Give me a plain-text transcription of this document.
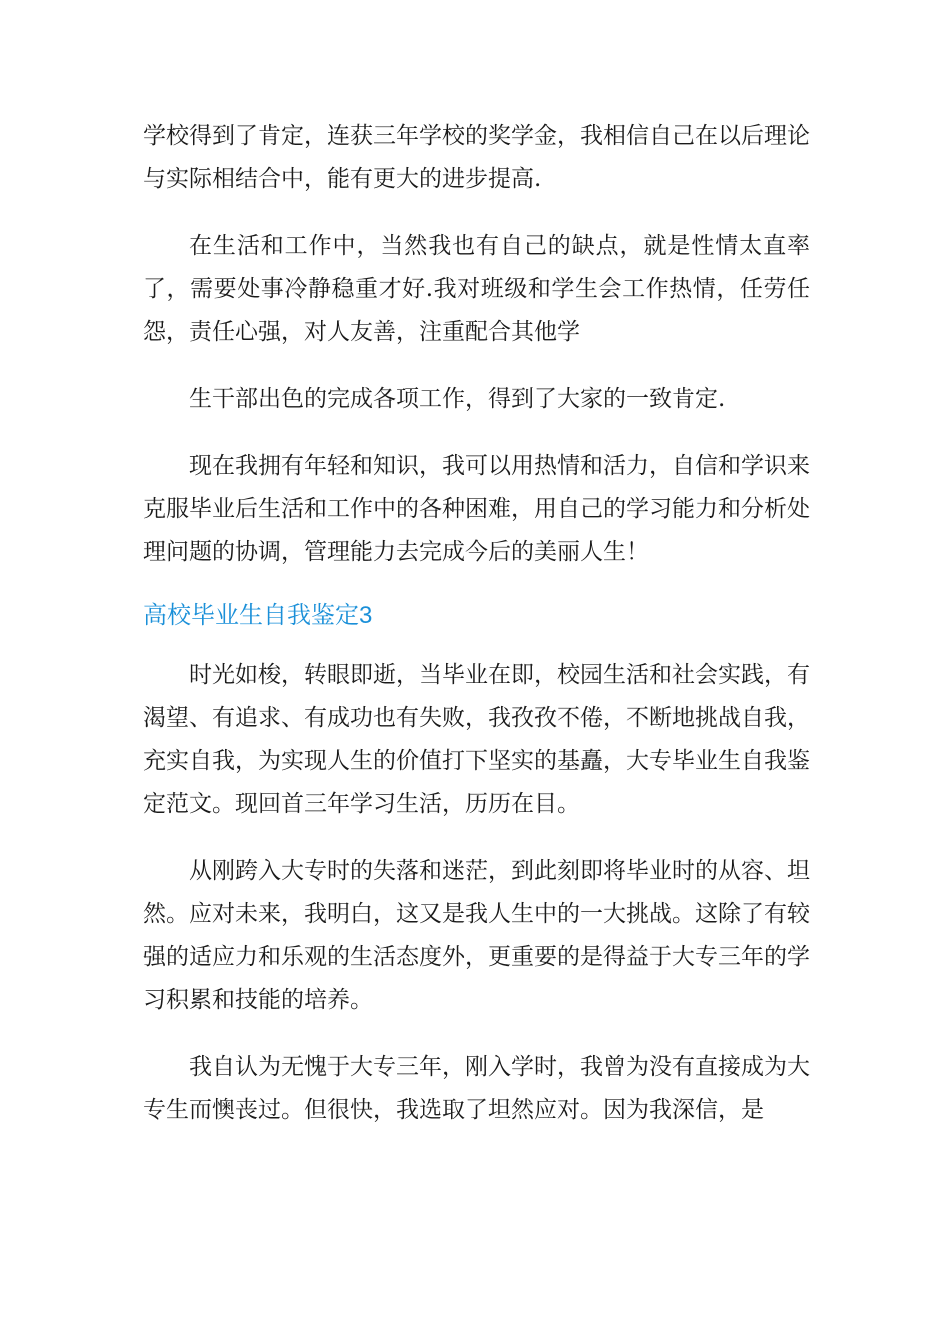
学校得到了肯定，连获三年学校的奖学金，我相信自己在以后理论与实际相结合中，能有更大的进步提高.

在生活和工作中，当然我也有自己的缺点，就是性情太直率了，需要处事冷静稳重才好.我对班级和学生会工作热情，任劳任怨，责任心强，对人友善，注重配合其他学

生干部出色的完成各项工作，得到了大家的一致肯定.

现在我拥有年轻和知识，我可以用热情和活力，自信和学识来克服毕业后生活和工作中的各种困难，用自己的学习能力和分析处理问题的协调，管理能力去完成今后的美丽人生！

高校毕业生自我鉴定3

时光如梭，转眼即逝，当毕业在即，校园生活和社会实践，有渴望、有追求、有成功也有失败，我孜孜不倦，不断地挑战自我，充实自我，为实现人生的价值打下坚实的基矗，大专毕业生自我鉴定范文。现回首三年学习生活，历历在目。

从刚跨入大专时的失落和迷茫，到此刻即将毕业时的从容、坦然。应对未来，我明白，这又是我人生中的一大挑战。这除了有较强的适应力和乐观的生活态度外，更重要的是得益于大专三年的学习积累和技能的培养。

我自认为无愧于大专三年，刚入学时，我曾为没有直接成为大专生而懊丧过。但很快，我选取了坦然应对。因为我深信，是
